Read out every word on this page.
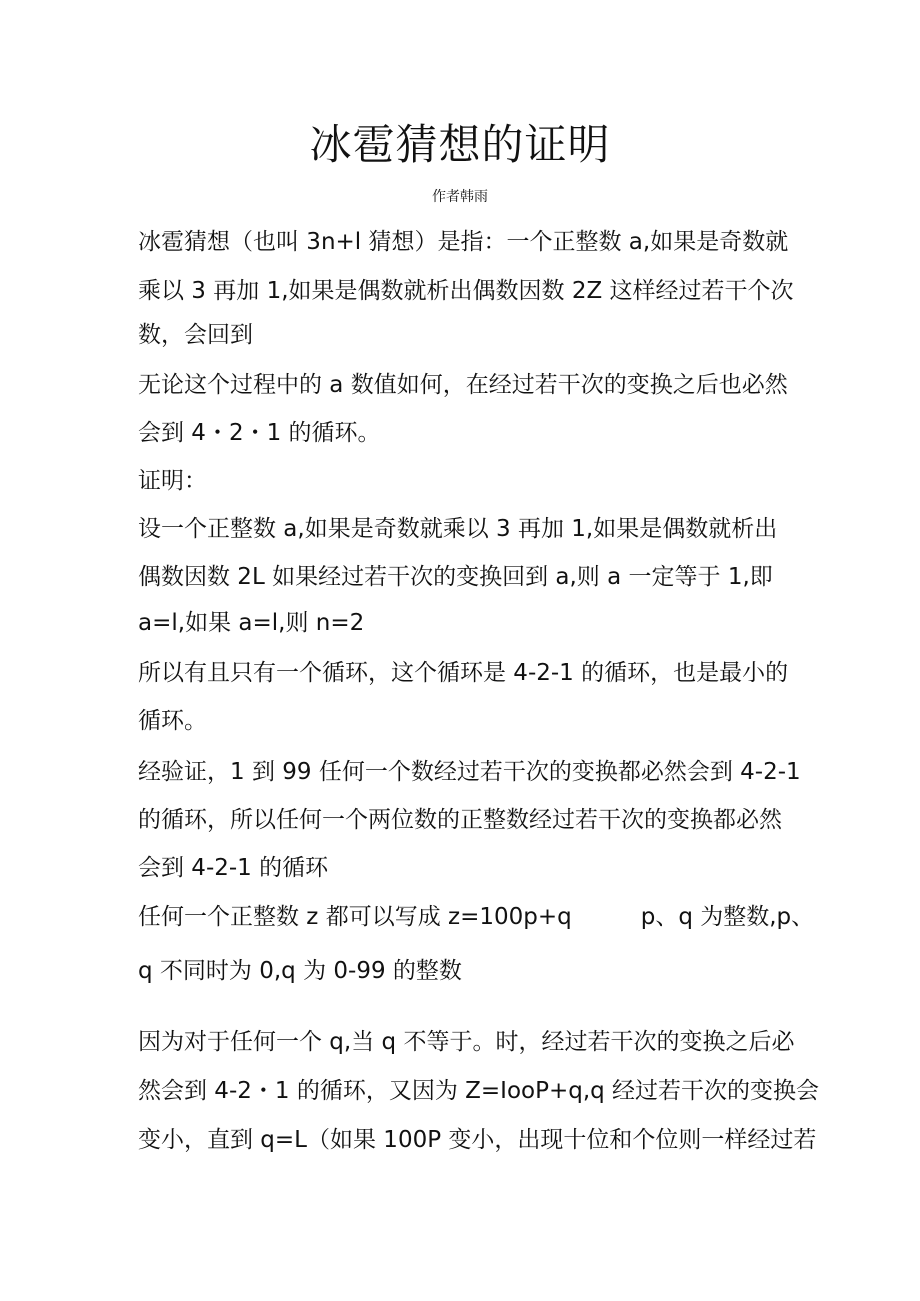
冰雹猜想的证明

作者韩雨

冰雹猜想（也叫 3n+l 猜想）是指：一个正整数 a,如果是奇数就

乘以 3 再加 1,如果是偶数就析出偶数因数 2Z 这样经过若干个次

数，会回到

无论这个过程中的 a 数值如何，在经过若干次的变换之后也必然

会到 4・2・1 的循环。

证明：

设一个正整数 a,如果是奇数就乘以 3 再加 1,如果是偶数就析出

偶数因数 2L 如果经过若干次的变换回到 a,则 a 一定等于 1,即

a=l,如果 a=l,则 n=2

所以有且只有一个循环，这个循环是 4-2-1 的循环，也是最小的

循环。

经验证，1 到 99 任何一个数经过若干次的变换都必然会到 4-2-1

的循环，所以任何一个两位数的正整数经过若干次的变换都必然

会到 4-2-1 的循环

任何一个正整数 z 都可以写成 z=100p+q　　　p、q 为整数,p、

q 不同时为 0,q 为 0-99 的整数

因为对于任何一个 q,当 q 不等于。时，经过若干次的变换之后必

然会到 4-2・1 的循环，又因为 Z=IooP+q,q 经过若干次的变换会

变小，直到 q=L（如果 100P 变小，出现十位和个位则一样经过若
